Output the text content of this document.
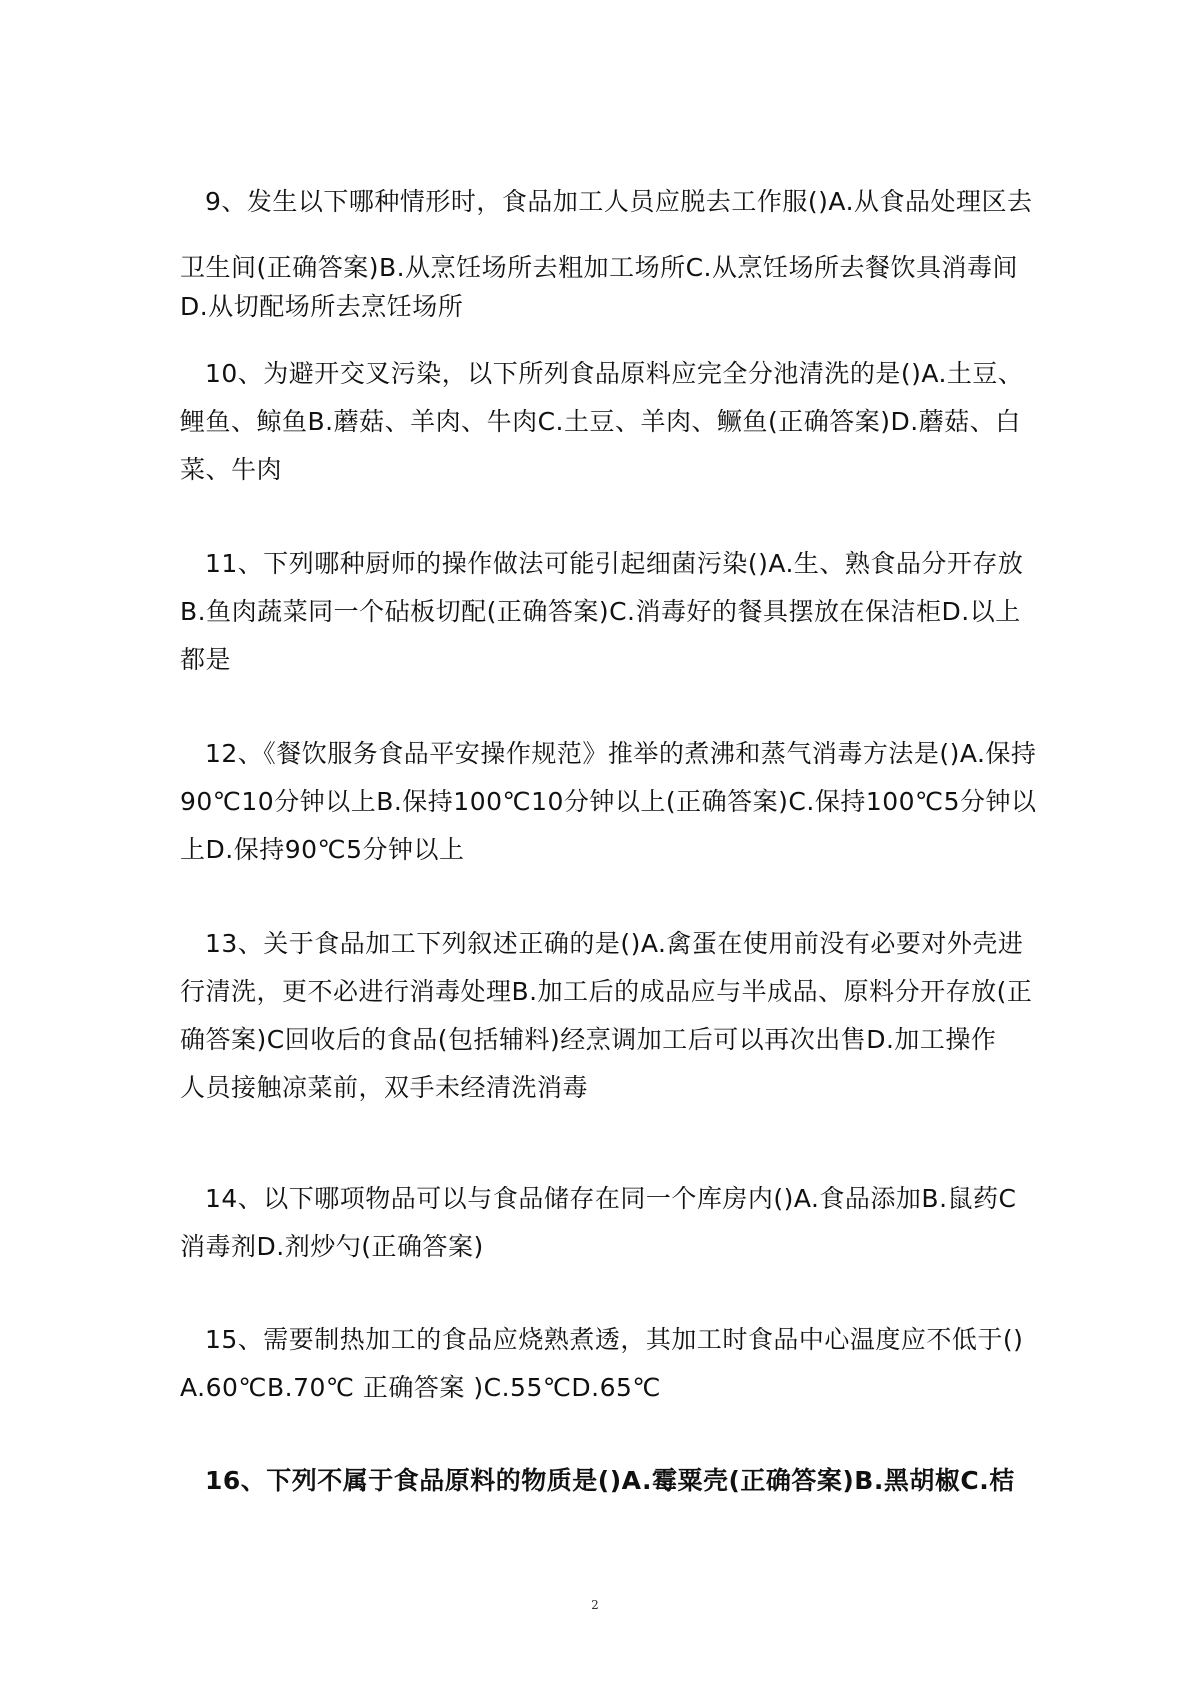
9、发生以下哪种情形时，食品加工人员应脱去工作服()A.从食品处理区去
卫生间(正确答案)B.从烹饪场所去粗加工场所C.从烹饪场所去餐饮具消毒间
D.从切配场所去烹饪场所
10、为避开交叉污染，以下所列食品原料应完全分池清洗的是()A.土豆、
鲤鱼、鲸鱼B.蘑菇、羊肉、牛肉C.土豆、羊肉、鳜鱼(正确答案)D.蘑菇、白
菜、牛肉
11、下列哪种厨师的操作做法可能引起细菌污染()A.生、熟食品分开存放
B.鱼肉蔬菜同一个砧板切配(正确答案)C.消毒好的餐具摆放在保洁柜D.以上
都是
12、《餐饮服务食品平安操作规范》推举的煮沸和蒸气消毒方法是()A.保持
90℃10分钟以上B.保持100℃10分钟以上(正确答案)C.保持100℃5分钟以
上D.保持90℃5分钟以上
13、关于食品加工下列叙述正确的是()A.禽蛋在使用前没有必要对外壳进
行清洗，更不必进行消毒处理B.加工后的成品应与半成品、原料分开存放(正
确答案)C回收后的食品(包括辅料)经烹调加工后可以再次出售D.加工操作
人员接触凉菜前，双手未经清洗消毒
14、以下哪项物品可以与食品储存在同一个库房内()A.食品添加B.鼠药C
消毒剂D.剂炒勺(正确答案)
15、需要制热加工的食品应烧熟煮透，其加工时食品中心温度应不低于()
A.60℃B.70℃ 正确答案 )C.55℃D.65℃
16、下列不属于食品原料的物质是()A.霉粟壳(正确答案)B.黑胡椒C.桔
2
